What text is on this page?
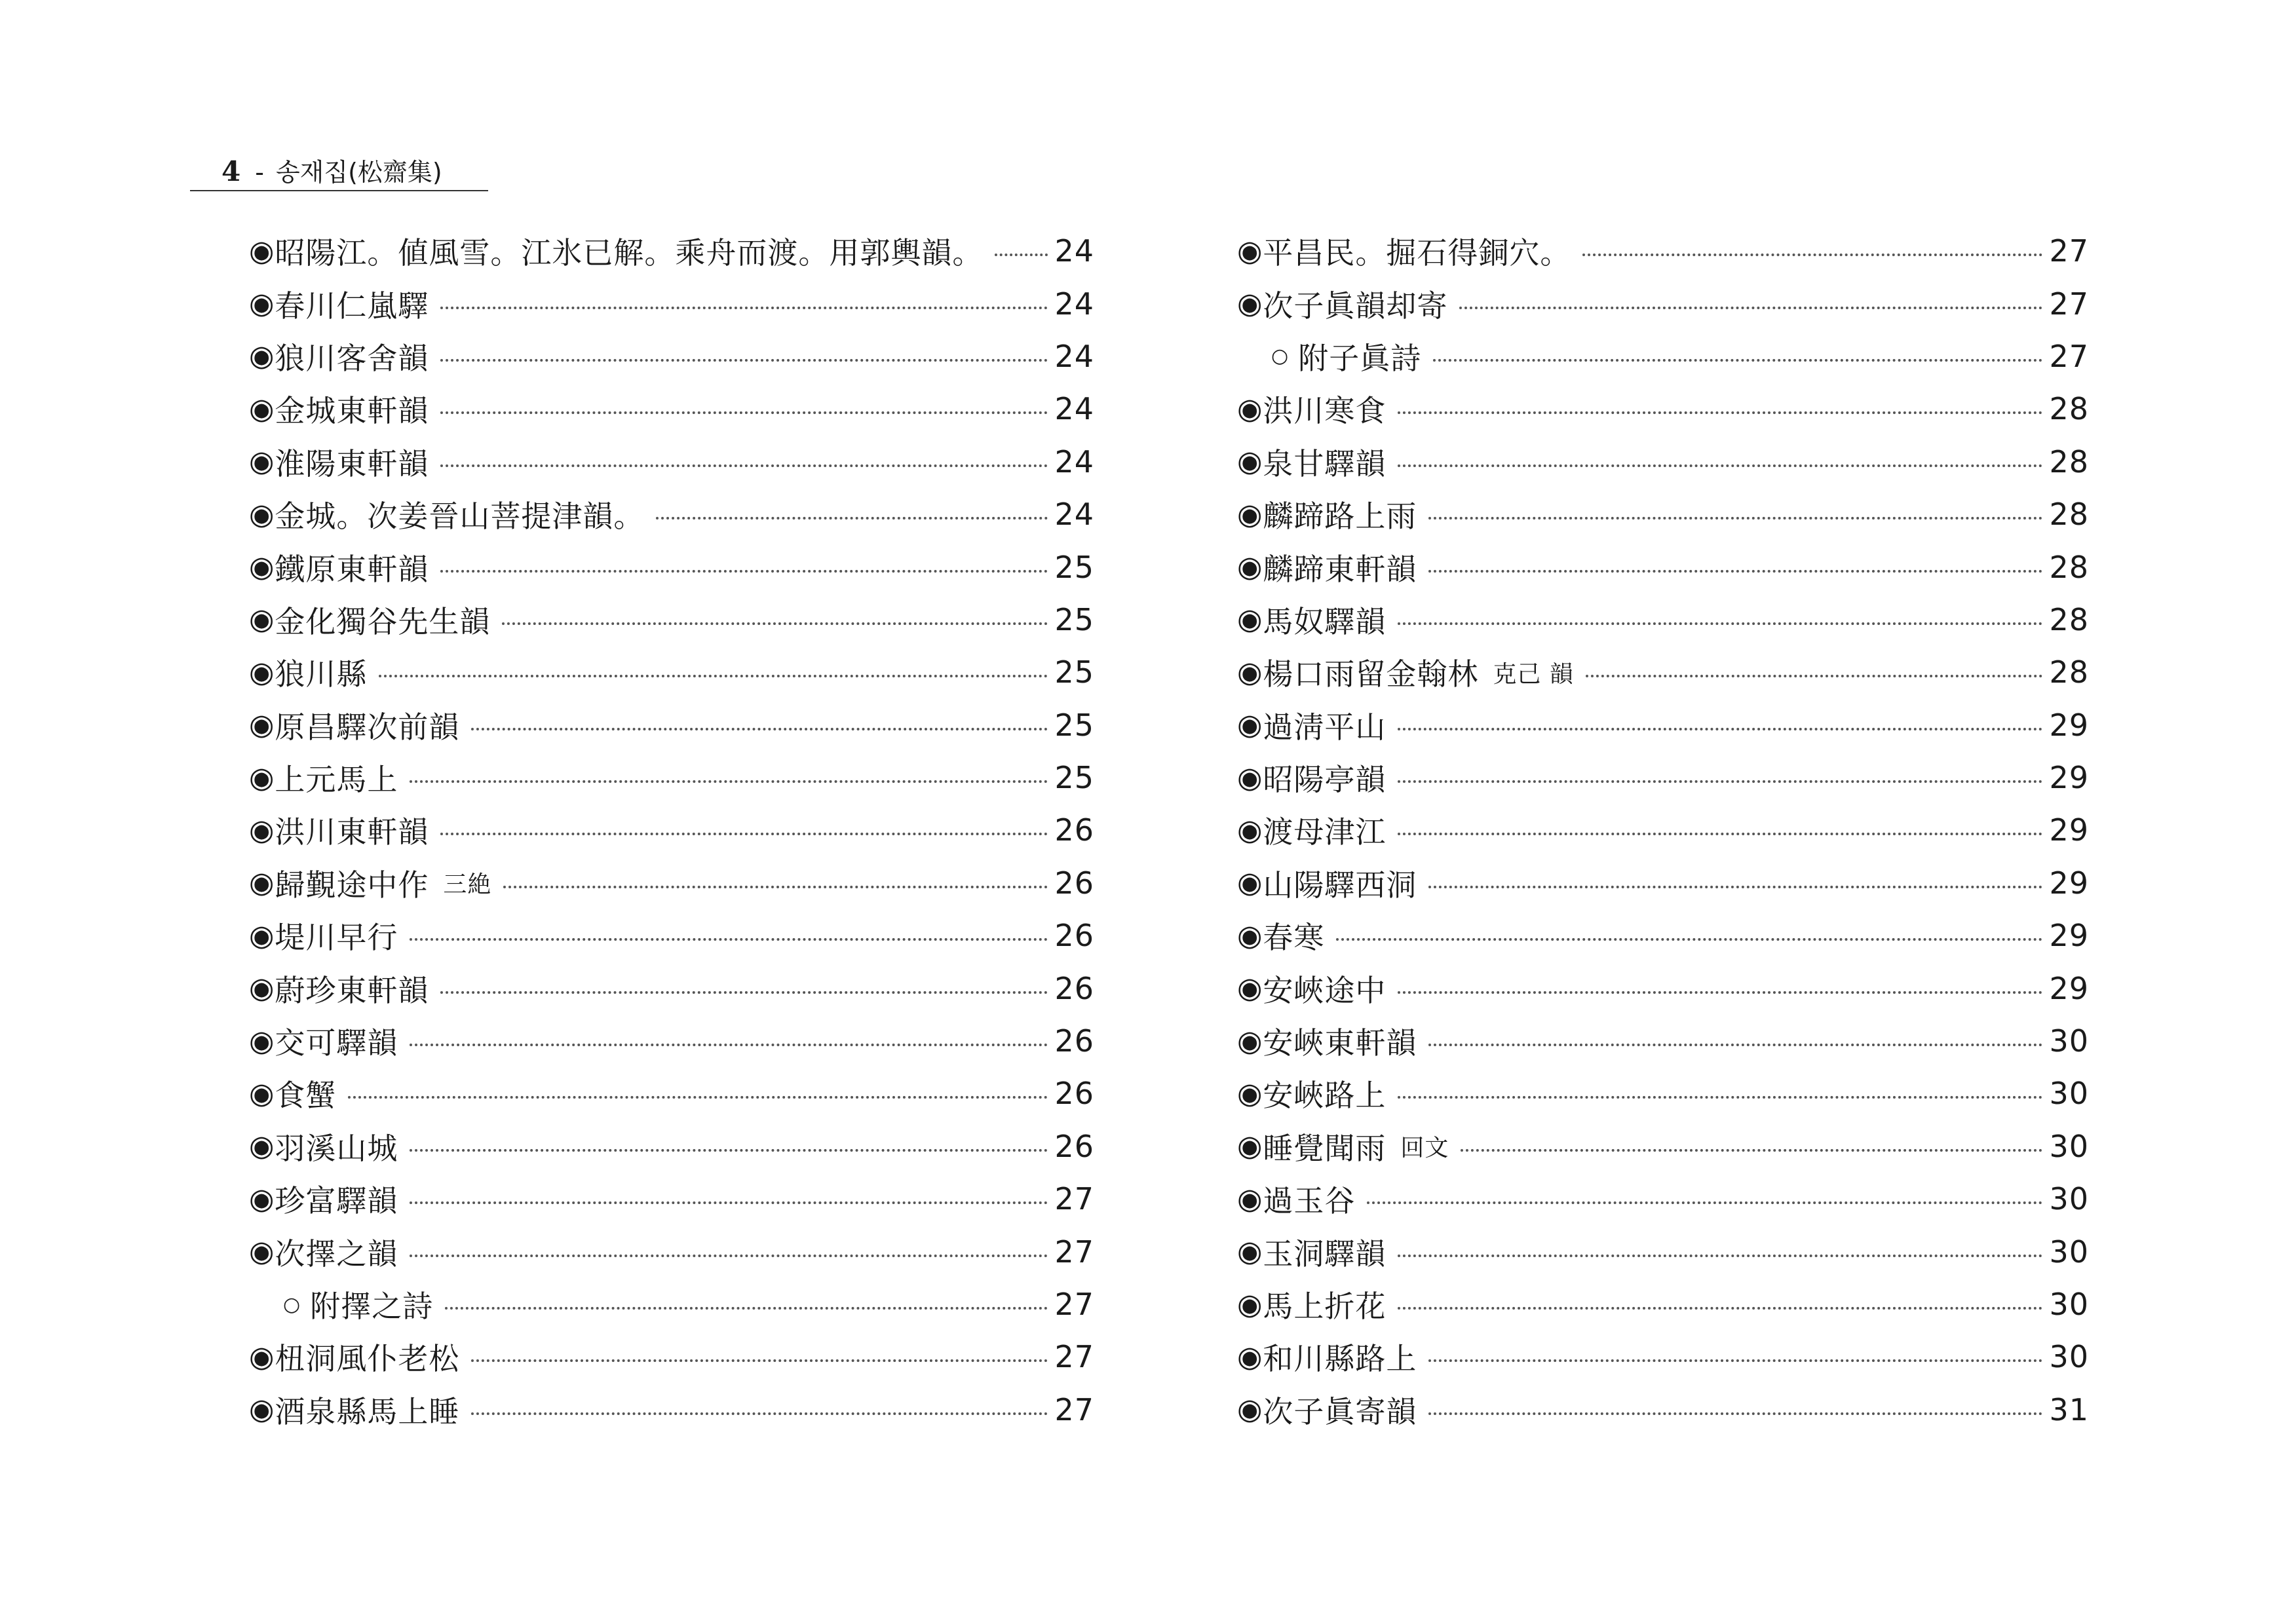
4 - 송재집(松齋集)
◉ 昭陽江。値風雪。江氷已解。乘舟而渡。用郭輿韻。 24
◉ 春川仁嵐驛	24
◉ 狼川客舍韻	24
◉ 金城東軒韻	24
◉ 淮陽東軒韻	24
◉ 金城。次姜晉山菩提津韻。	24
◉ 鐵原東軒韻	25
◉ 金化獨谷先生韻	25
◉ 狼川縣	25
◉ 原昌驛次前韻	25
◉ 上元馬上	25
◉ 洪川東軒韻	26
◉ 歸覲途中作 三絶	26
◉ 堤川早行	26
◉ 蔚珍東軒韻	26
◉ 交可驛韻	26
◉ 食蟹	26
◉ 羽溪山城	26
◉ 珍富驛韻	27
◉ 次擇之韻	27
○ 附擇之詩	27
◉ 杻洞風仆老松	27
◉ 酒泉縣馬上睡	27
◉ 平昌民。掘石得銅穴。	27
◉ 次子眞韻却寄	27
○ 附子眞詩	27
◉ 洪川寒食	28
◉ 泉甘驛韻	28
◉ 麟蹄路上雨	28
◉ 麟蹄東軒韻	28
◉ 馬奴驛韻	28
◉ 楊口雨留金翰林 克己 韻	28
◉ 過淸平山	29
◉ 昭陽亭韻	29
◉ 渡母津江	29
◉ 山陽驛西洞	29
◉ 春寒	29
◉ 安峽途中	29
◉ 安峽東軒韻	30
◉ 安峽路上	30
◉ 睡覺聞雨 回文	30
◉ 過玉谷	30
◉ 玉洞驛韻	30
◉ 馬上折花	30
◉ 和川縣路上	30
◉ 次子眞寄韻	31
